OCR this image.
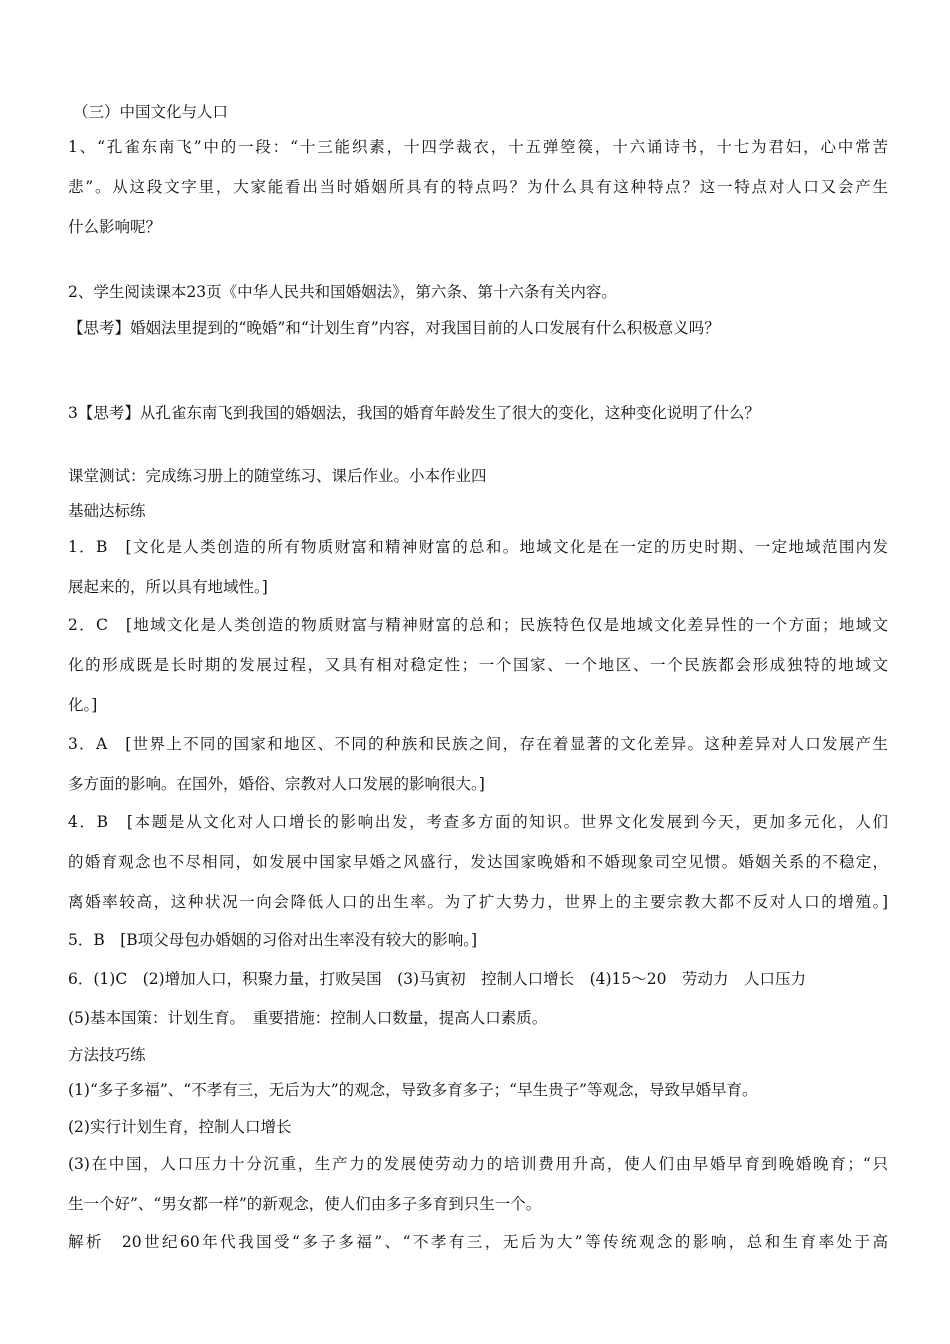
（三）中国文化与人口
1、“孔雀东南飞”中的一段：“十三能织素，十四学裁衣，十五弹箜篌，十六诵诗书，十七为君妇，心中常苦
悲”。从这段文字里，大家能看出当时婚姻所具有的特点吗？为什么具有这种特点？这一特点对人口又会产生
什么影响呢？
2、学生阅读课本23页《中华人民共和国婚姻法》，第六条、第十六条有关内容。
【思考】婚姻法里提到的“晚婚”和“计划生育”内容，对我国目前的人口发展有什么积极意义吗？
3【思考】从孔雀东南飞到我国的婚姻法，我国的婚育年龄发生了很大的变化，这种变化说明了什么？
课堂测试：完成练习册上的随堂练习、课后作业。小本作业四
基础达标练
1．B　[文化是人类创造的所有物质财富和精神财富的总和。地域文化是在一定的历史时期、一定地域范围内发
展起来的，所以具有地域性。]
2．C　[地域文化是人类创造的物质财富与精神财富的总和；民族特色仅是地域文化差异性的一个方面；地域文
化的形成既是长时期的发展过程，又具有相对稳定性；一个国家、一个地区、一个民族都会形成独特的地域文
化。]
3．A　[世界上不同的国家和地区、不同的种族和民族之间，存在着显著的文化差异。这种差异对人口发展产生
多方面的影响。在国外，婚俗、宗教对人口发展的影响很大。]
4．B　[本题是从文化对人口增长的影响出发，考查多方面的知识。世界文化发展到今天，更加多元化，人们
的婚育观念也不尽相同，如发展中国家早婚之风盛行，发达国家晚婚和不婚现象司空见惯。婚姻关系的不稳定，
离婚率较高，这种状况一向会降低人口的出生率。为了扩大势力，世界上的主要宗教大都不反对人口的增殖。]
5．B　[B项父母包办婚姻的习俗对出生率没有较大的影响。]
6．(1)C　(2)增加人口，积聚力量，打败吴国　(3)马寅初　控制人口增长　(4)15～20　劳动力　人口压力
(5)基本国策：计划生育。　重要措施：控制人口数量，提高人口素质。
方法技巧练
(1)“多子多福”、“不孝有三，无后为大”的观念，导致多育多子；“早生贵子”等观念，导致早婚早育。
(2)实行计划生育，控制人口增长
(3)在中国，人口压力十分沉重，生产力的发展使劳动力的培训费用升高，使人们由早婚早育到晚婚晚育；“只
生一个好”、“男女都一样”的新观念，使人们由多子多育到只生一个。
解析　20世纪60年代我国受“多子多福”、“不孝有三，无后为大”等传统观念的影响，总和生育率处于高
